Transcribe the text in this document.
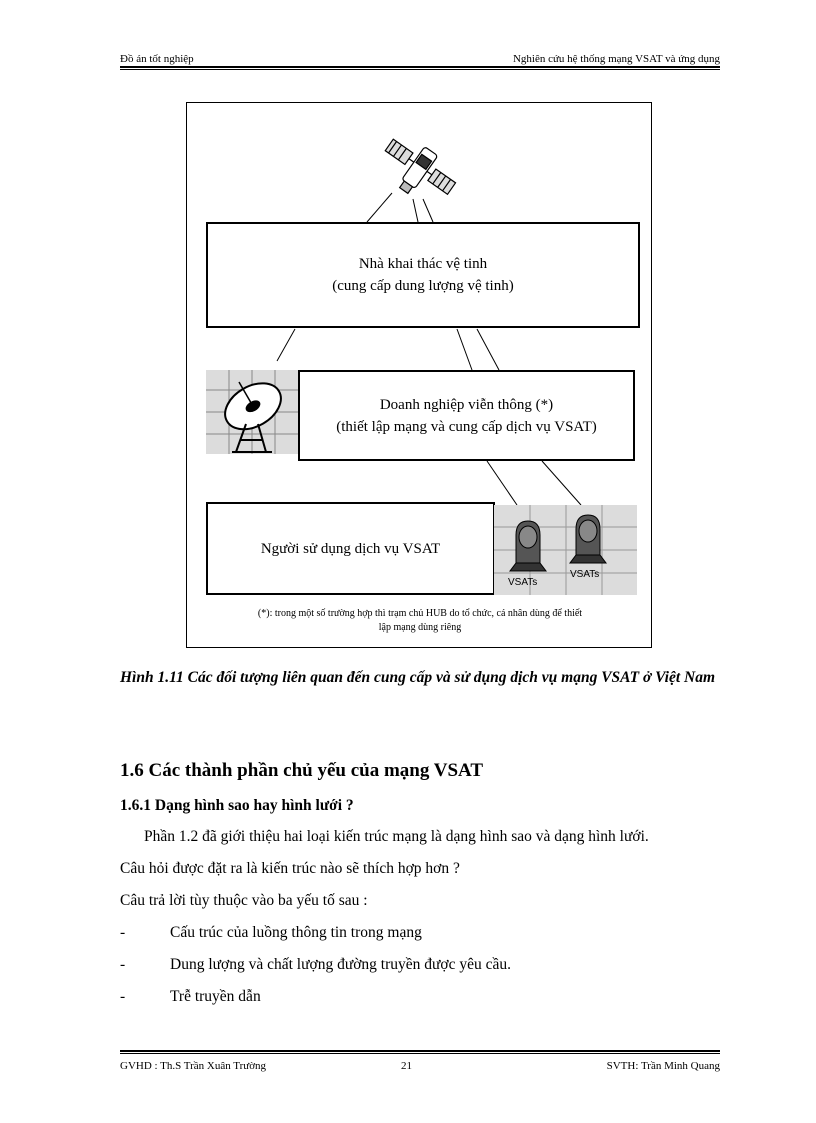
Đồ án tốt nghiệp	Nghiên cứu hệ thống mạng VSAT và ứng dụng
Nhà khai thác vệ tinh
(cung cấp dung lượng vệ tinh)
Doanh nghiệp viễn thông (*)
(thiết lập mạng và cung cấp dịch vụ VSAT)
Người sử dụng dịch vụ VSAT
VSATs
VSATs
(*): trong một số trường hợp thì trạm chủ HUB do tổ chức, cá nhân dùng để thiết
lập mạng dùng riêng
Hình 1.11 Các đối tượng liên quan đến cung cấp và sử dụng dịch vụ mạng VSAT ở Việt Nam
1.6 Các thành phần chủ yếu của mạng VSAT
1.6.1 Dạng hình sao hay hình lưới ?
Phần 1.2 đã giới thiệu hai loại kiến trúc mạng là dạng hình sao và dạng hình lưới.
Câu hỏi được đặt ra là kiến trúc nào sẽ thích hợp hơn ?
Câu trả lời tùy thuộc vào ba yếu tố sau :
-	Cấu trúc của luồng thông tin trong mạng
-	Dung lượng và chất lượng đường truyền được yêu cầu.
-	Trễ truyền dẫn
GVHD : Th.S Trần Xuân Trường	21	SVTH: Trần Minh Quang
